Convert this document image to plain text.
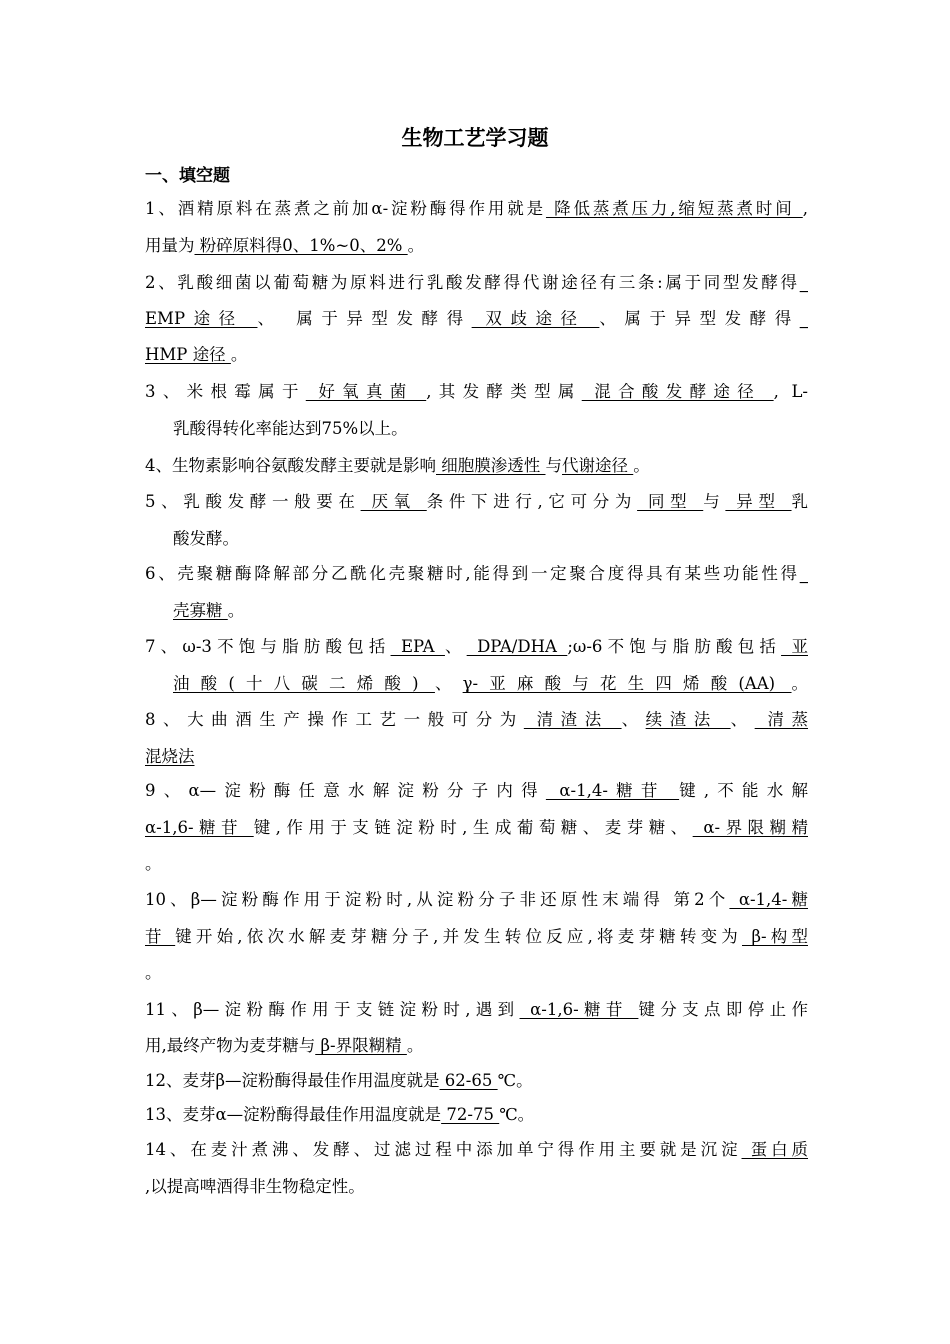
生物工艺学习题
一、填空题
1、酒精原料在蒸煮之前加α-淀粉酶得作用就是 降低蒸煮压力,缩短蒸煮时间 ,
用量为 粉碎原料得0、1%~0、2% 。
2、乳酸细菌以葡萄糖为原料进行乳酸发酵得代谢途径有三条:属于同型发酵得_
EMP途径 、 属于异型发酵得 双歧途径 、属于异型发酵得_
HMP 途径 。
3、米根霉属于 好氧真菌 ,其发酵类型属 混合酸发酵途径 , L-
乳酸得转化率能达到75%以上。
4、生物素影响谷氨酸发酵主要就是影响 细胞膜渗透性 与代谢途径 。
5、乳酸发酵一般要在 厌氧 条件下进行,它可分为 同型 与 异型 乳
酸发酵。
6、壳聚糖酶降解部分乙酰化壳聚糖时,能得到一定聚合度得具有某些功能性得_
壳寡糖 。
7、ω-3不饱与脂肪酸包括 EPA 、 DPA/DHA ;ω-6不饱与脂肪酸包括 亚
油酸(十八碳二烯酸) 、γ-亚麻酸与花生四烯酸(AA) 。
8、大曲酒生产操作工艺一般可分为 清渣法 、续渣法 、 清蒸
混烧法
9、α—淀粉酶任意水解淀粉分子内得 α-1,4-糖苷 键,不能水解
α-1,6-糖苷 键,作用于支链淀粉时,生成葡萄糖、麦芽糖、 α-界限糊精
。
10、β—淀粉酶作用于淀粉时,从淀粉分子非还原性末端得 第2个 α-1,4-糖
苷 键开始,依次水解麦芽糖分子,并发生转位反应,将麦芽糖转变为 β-构型
。
11、β—淀粉酶作用于支链淀粉时,遇到 α-1,6-糖苷 键分支点即停止作
用,最终产物为麦芽糖与 β-界限糊精 。
12、麦芽β—淀粉酶得最佳作用温度就是 62-65 ℃。
13、麦芽α—淀粉酶得最佳作用温度就是 72-75 ℃。
14、在麦汁煮沸、发酵、过滤过程中添加单宁得作用主要就是沉淀 蛋白质
,以提高啤酒得非生物稳定性。
